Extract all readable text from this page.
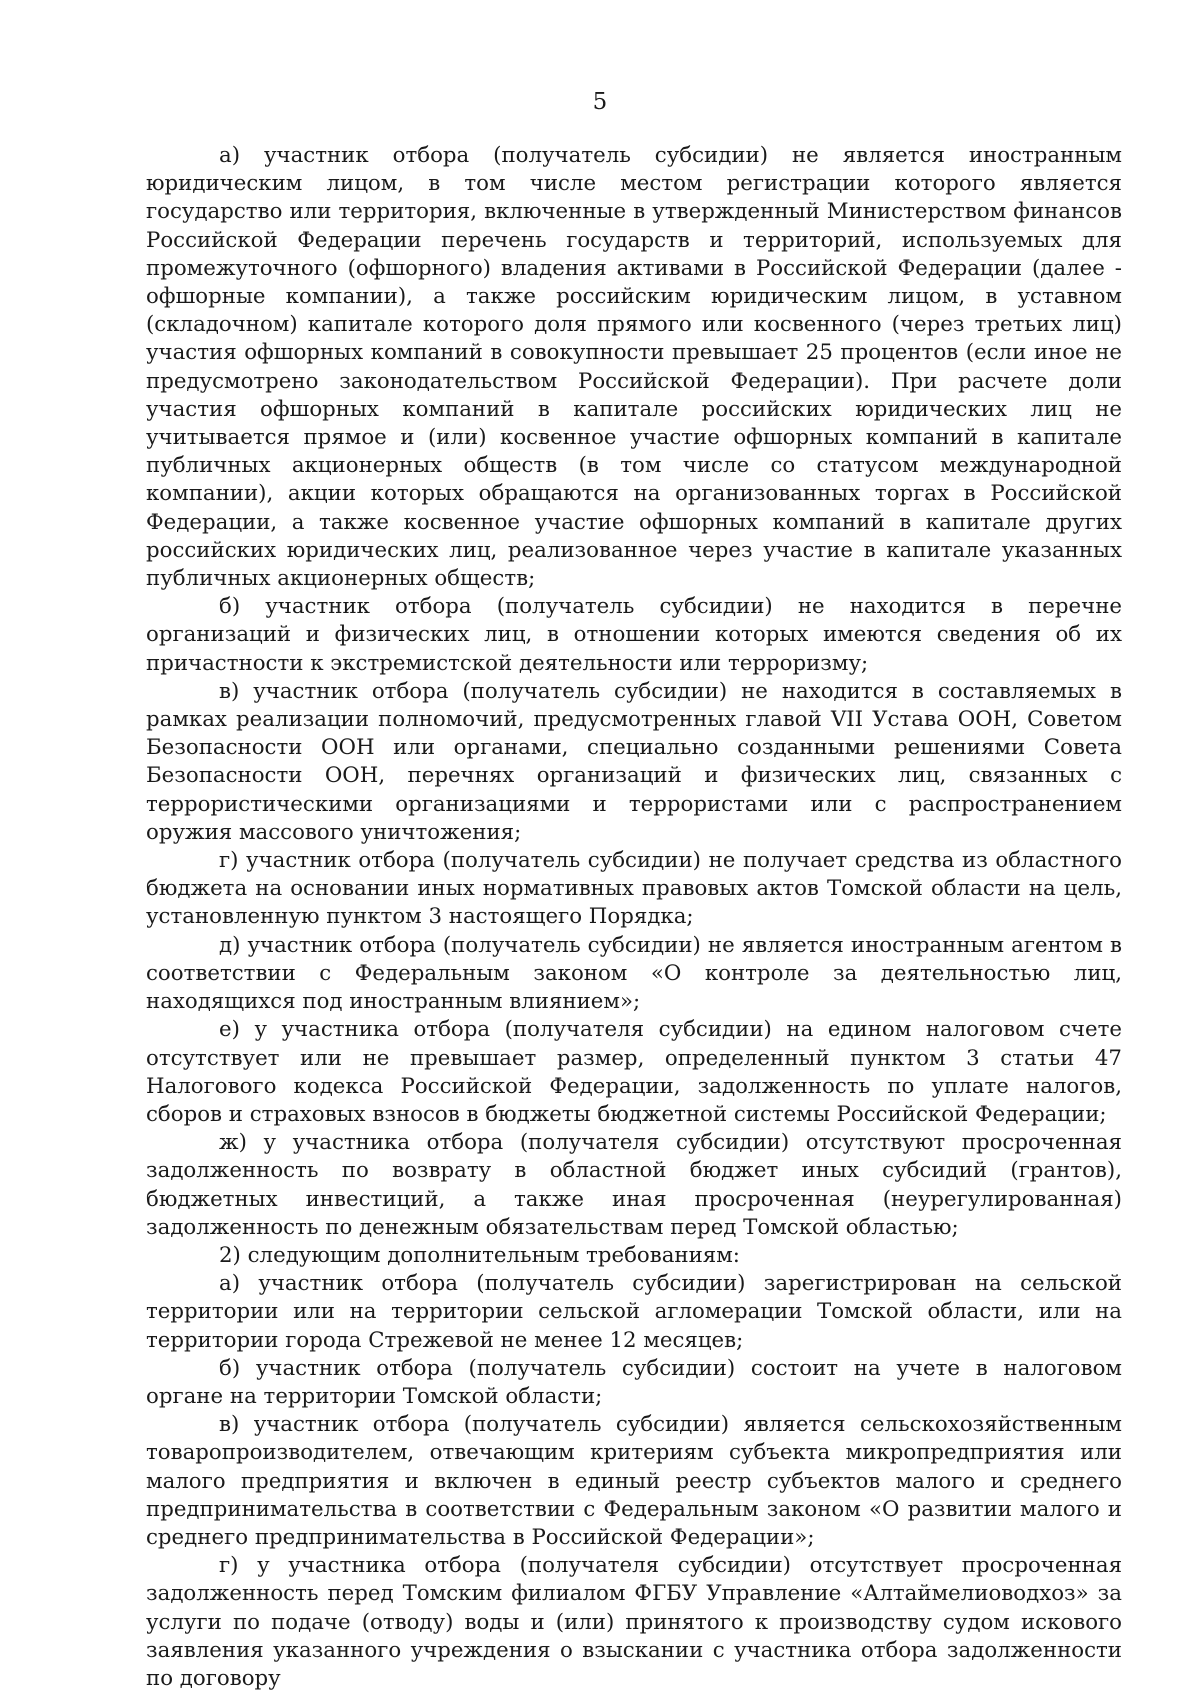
5

а) участник отбора (получатель субсидии) не является иностранным юридическим лицом, в том числе местом регистрации которого является государство или территория, включенные в утвержденный Министерством финансов Российской Федерации перечень государств и территорий, используемых для промежуточного (офшорного) владения активами в Российской Федерации (далее - офшорные компании), а также российским юридическим лицом, в уставном (складочном) капитале которого доля прямого или косвенного (через третьих лиц) участия офшорных компаний в совокупности превышает 25 процентов (если иное не предусмотрено законодательством Российской Федерации). При расчете доли участия офшорных компаний в капитале российских юридических лиц не учитывается прямое и (или) косвенное участие офшорных компаний в капитале публичных акционерных обществ (в том числе со статусом международной компании), акции которых обращаются на организованных торгах в Российской Федерации, а также косвенное участие офшорных компаний в капитале других российских юридических лиц, реализованное через участие в капитале указанных публичных акционерных обществ;

б) участник отбора (получатель субсидии) не находится в перечне организаций и физических лиц, в отношении которых имеются сведения об их причастности к экстремистской деятельности или терроризму;

в) участник отбора (получатель субсидии) не находится в составляемых в рамках реализации полномочий, предусмотренных главой VII Устава ООН, Советом Безопасности ООН или органами, специально созданными решениями Совета Безопасности ООН, перечнях организаций и физических лиц, связанных с террористическими организациями и террористами или с распространением оружия массового уничтожения;

г) участник отбора (получатель субсидии) не получает средства из областного бюджета на основании иных нормативных правовых актов Томской области на цель, установленную пунктом 3 настоящего Порядка;

д) участник отбора (получатель субсидии) не является иностранным агентом в соответствии с Федеральным законом «О контроле за деятельностью лиц, находящихся под иностранным влиянием»;

е) у участника отбора (получателя субсидии) на едином налоговом счете отсутствует или не превышает размер, определенный пунктом 3 статьи 47 Налогового кодекса Российской Федерации, задолженность по уплате налогов, сборов и страховых взносов в бюджеты бюджетной системы Российской Федерации;

ж) у участника отбора (получателя субсидии) отсутствуют просроченная задолженность по возврату в областной бюджет иных субсидий (грантов), бюджетных инвестиций, а также иная просроченная (неурегулированная) задолженность по денежным обязательствам перед Томской областью;

2) следующим дополнительным требованиям:

а) участник отбора (получатель субсидии) зарегистрирован на сельской территории или на территории сельской агломерации Томской области, или на территории города Стрежевой не менее 12 месяцев;

б) участник отбора (получатель субсидии) состоит на учете в налоговом органе на территории Томской области;

в) участник отбора (получатель субсидии) является сельскохозяйственным товаропроизводителем, отвечающим критериям субъекта микропредприятия или малого предприятия и включен в единый реестр субъектов малого и среднего предпринимательства в соответствии с Федеральным законом «О развитии малого и среднего предпринимательства в Российской Федерации»;

г) у участника отбора (получателя субсидии) отсутствует просроченная задолженность перед Томским филиалом ФГБУ Управление «Алтаймелиоводхоз» за услуги по подаче (отводу) воды и (или) принятого к производству судом искового заявления указанного учреждения о взыскании с участника отбора задолженности по договору
